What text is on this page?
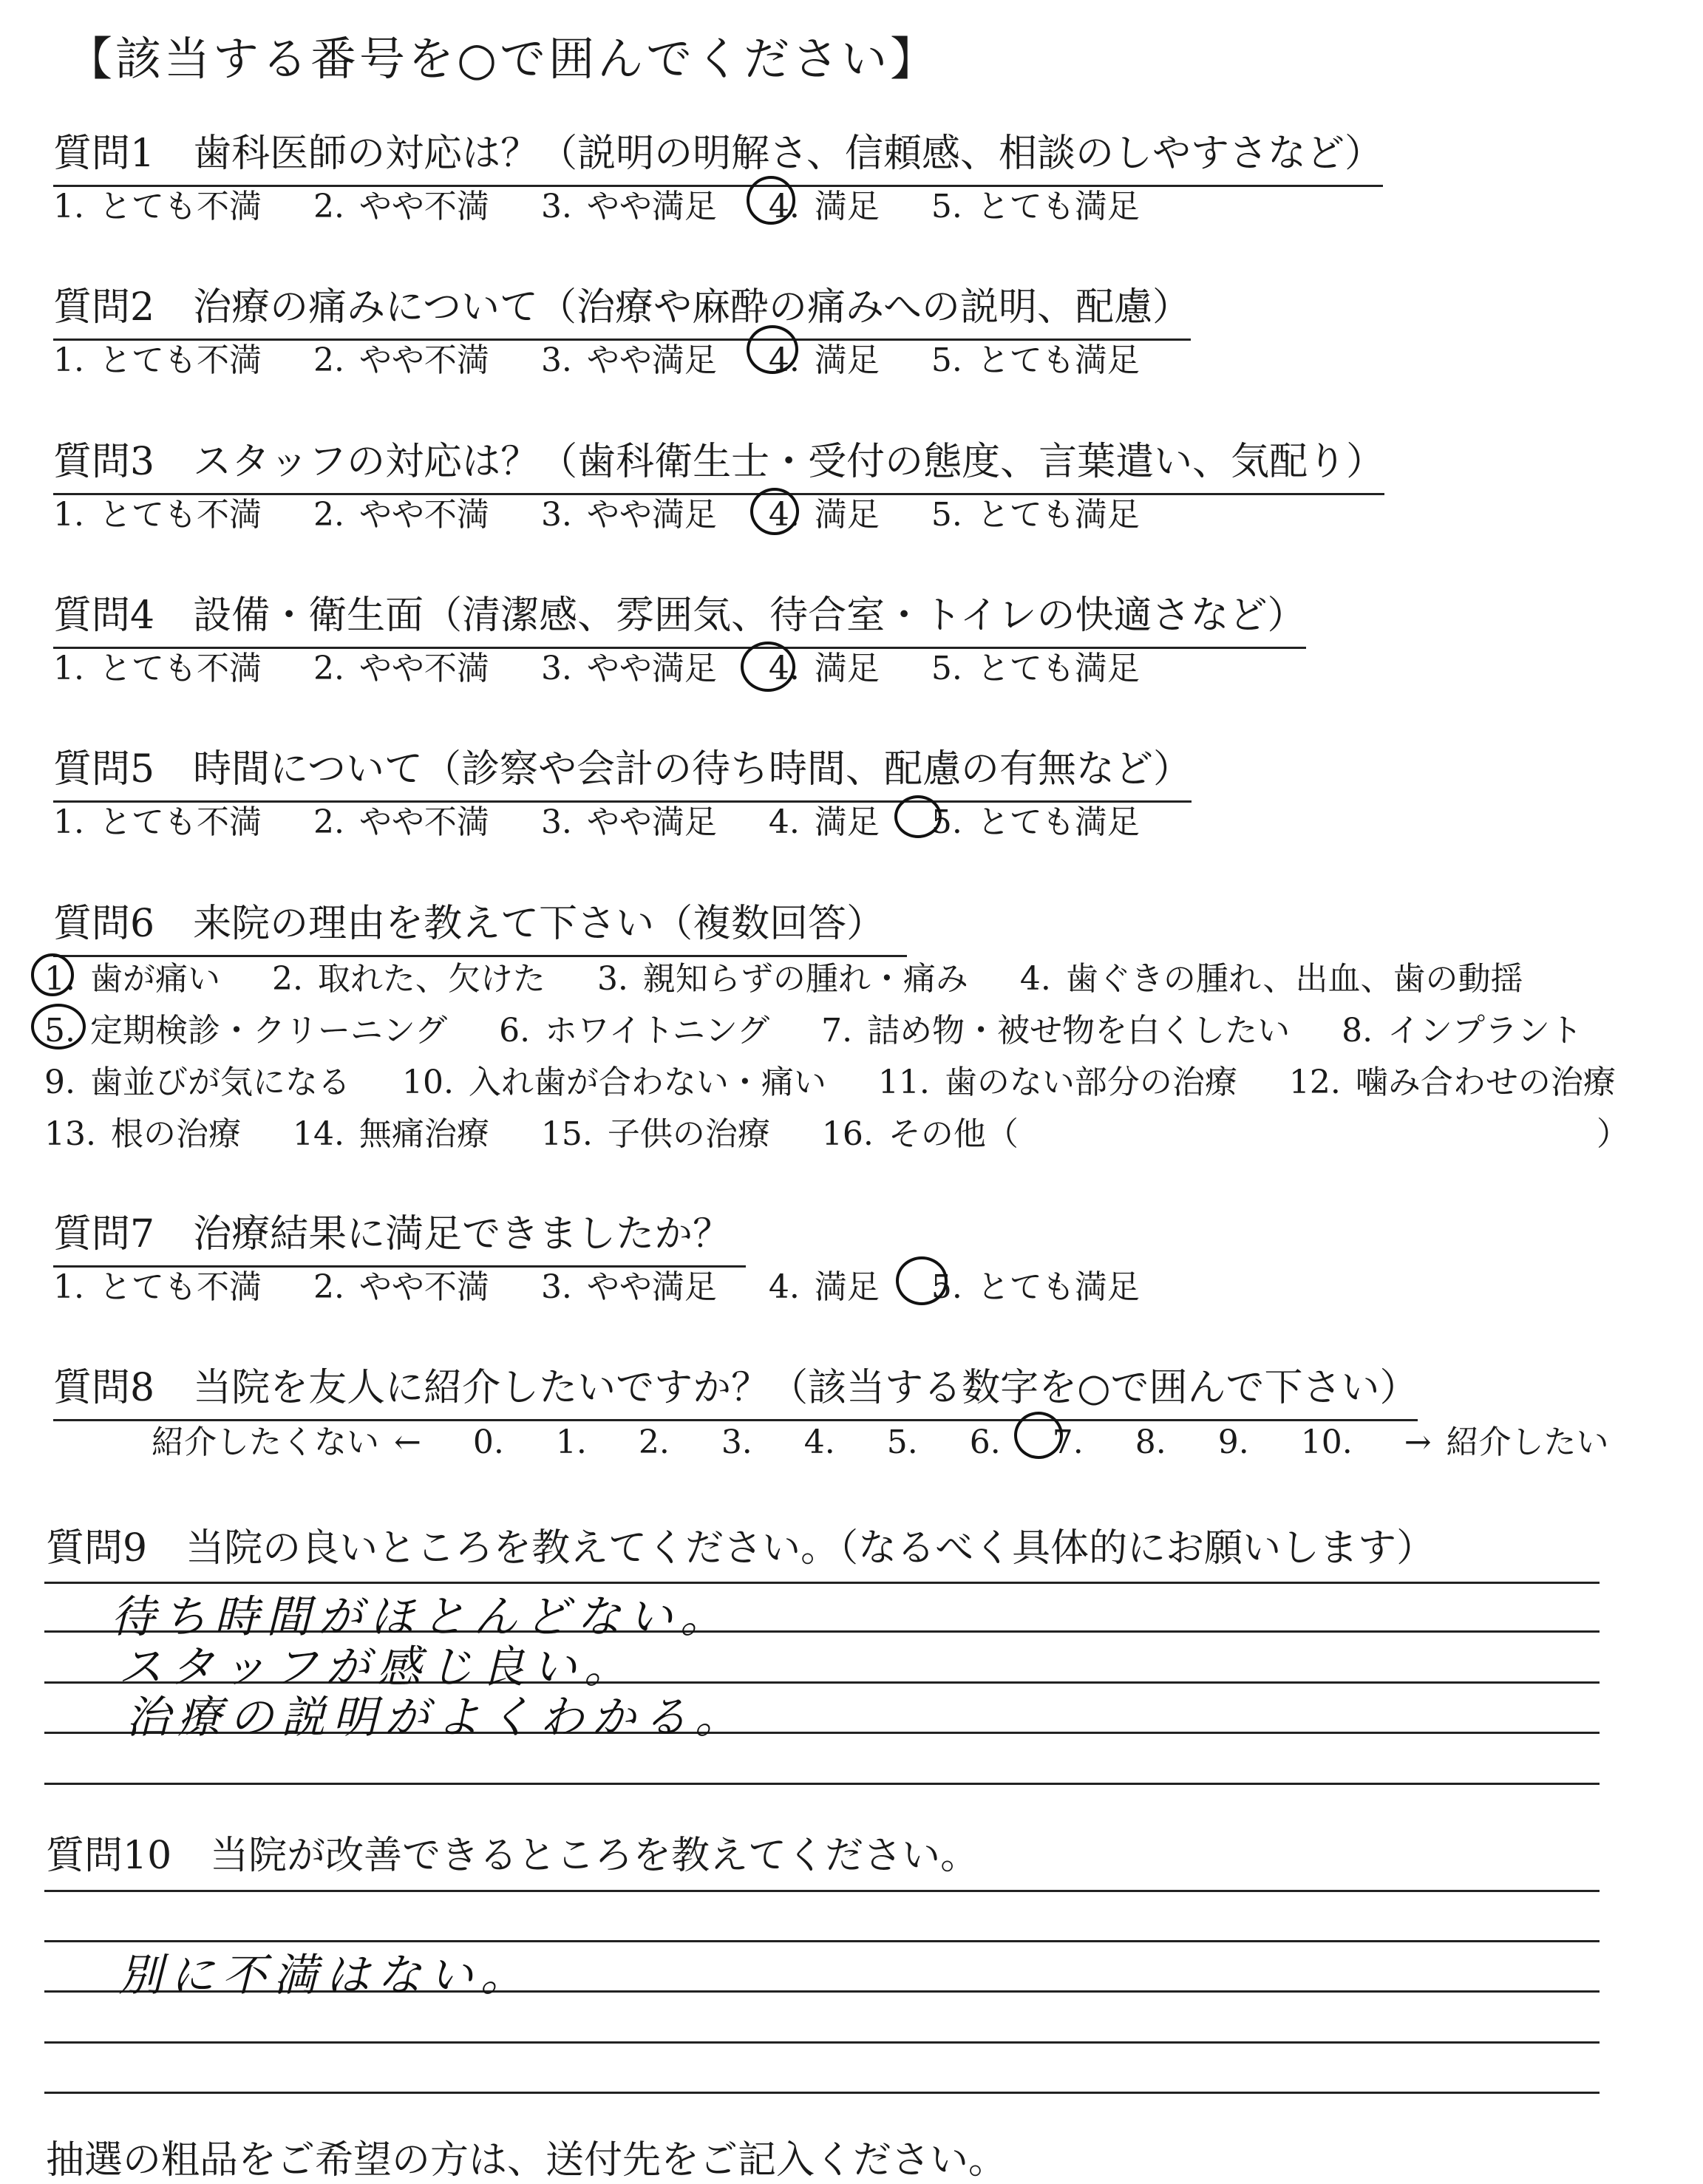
【該当する番号を○で囲んでください】
質問1　歯科医師の対応は？（説明の明解さ、信頼感、相談のしやすさなど）
1. とても不満 2. やや不満 3. やや満足 4. 満足 5. とても満足
質問2　治療の痛みについて（治療や麻酔の痛みへの説明、配慮）
1. とても不満 2. やや不満 3. やや満足 4. 満足 5. とても満足
質問3　スタッフの対応は？（歯科衛生士・受付の態度、言葉遣い、気配り）
1. とても不満 2. やや不満 3. やや満足 4. 満足 5. とても満足
質問4　設備・衛生面（清潔感、雰囲気、待合室・トイレの快適さなど）
1. とても不満 2. やや不満 3. やや満足 4. 満足 5. とても満足
質問5　時間について（診察や会計の待ち時間、配慮の有無など）
1. とても不満 2. やや不満 3. やや満足 4. 満足 5. とても満足
質問6　来院の理由を教えて下さい（複数回答）
1. 歯が痛い 2. 取れた、欠けた 3. 親知らずの腫れ・痛み 4. 歯ぐきの腫れ、出血、歯の動揺
5. 定期検診・クリーニング 6. ホワイトニング 7. 詰め物・被せ物を白くしたい 8. インプラント
9. 歯並びが気になる 10. 入れ歯が合わない・痛い 11. 歯のない部分の治療 12. 噛み合わせの治療
13. 根の治療 14. 無痛治療 15. 子供の治療 16. その他（	）
質問7　治療結果に満足できましたか？
1. とても不満 2. やや不満 3. やや満足 4. 満足 5. とても満足
質問8　当院を友人に紹介したいですか？（該当する数字を○で囲んで下さい）
紹介したくない ← 0. 1. 2. 3. 4. 5. 6. 7. 8. 9. 10. → 紹介したい
質問9　当院の良いところを教えてください。（なるべく具体的にお願いします）
待ち時間がほとんどない。
スタッフが感じ良い。
治療の説明がよくわかる。
質問10　当院が改善できるところを教えてください。
別に不満はない。
抽選の粗品をご希望の方は、送付先をご記入ください。
